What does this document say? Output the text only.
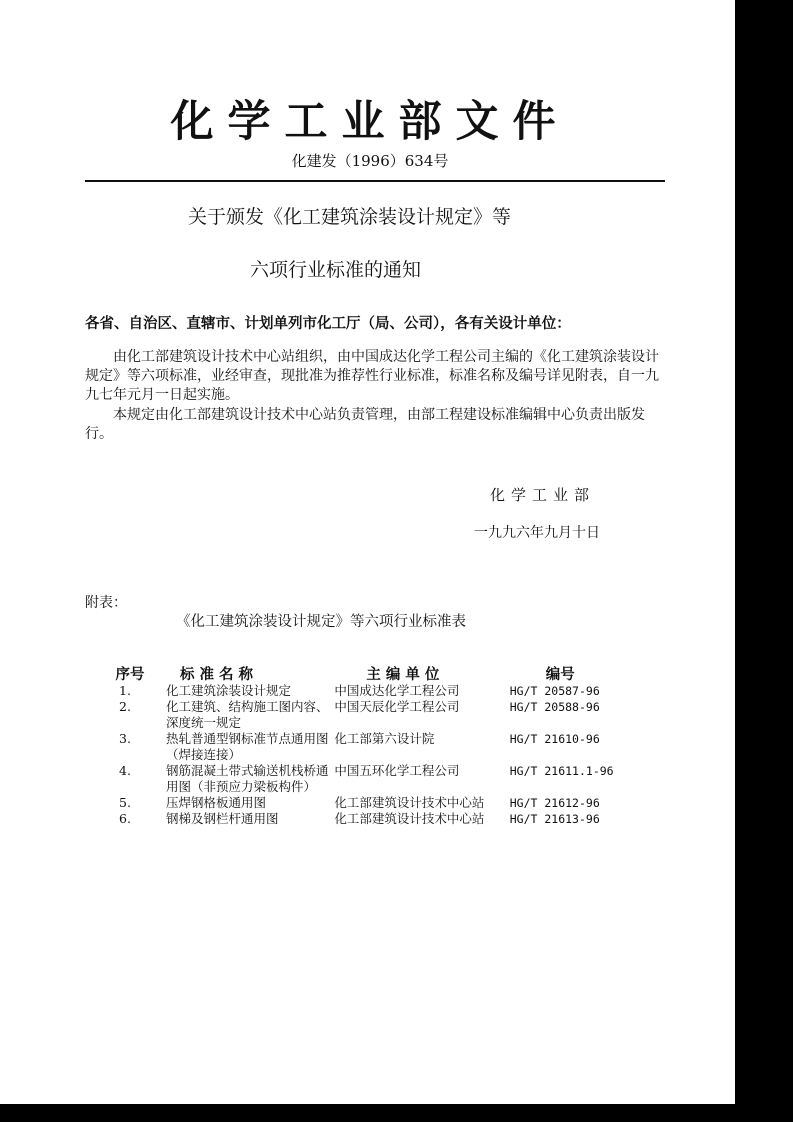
化学工业部文件
化建发（1996）634号
关于颁发《化工建筑涂装设计规定》等
六项行业标准的通知
各省、自治区、直辖市、计划单列市化工厅（局、公司），各有关设计单位：

由化工部建筑设计技术中心站组织，由中国成达化学工程公司主编的《化工建筑涂装设计规定》等六项标准，业经审查，现批准为推荐性行业标准，标准名称及编号详见附表，自一九九七年元月一日起实施。

本规定由化工部建筑设计技术中心站负责管理，由部工程建设标准编辑中心负责出版发行。

化学工业部
一九九六年九月十日
附表：
《化工建筑涂装设计规定》等六项行业标准表
序号	标准名称	主编单位	编号
1.	化工建筑涂装设计规定	中国成达化学工程公司	HG/T 20587-96
2.	化工建筑、结构施工图内容、深度统一规定	中国天辰化学工程公司	HG/T 20588-96
3.	热轧普通型钢标准节点通用图（焊接连接）	化工部第六设计院	HG/T 21610-96
4.	钢筋混凝土带式输送机栈桥通用图（非预应力梁板构件）	中国五环化学工程公司	HG/T 21611.1-96
5.	压焊钢格板通用图	化工部建筑设计技术中心站	HG/T 21612-96
6.	钢梯及钢栏杆通用图	化工部建筑设计技术中心站	HG/T 21613-96
